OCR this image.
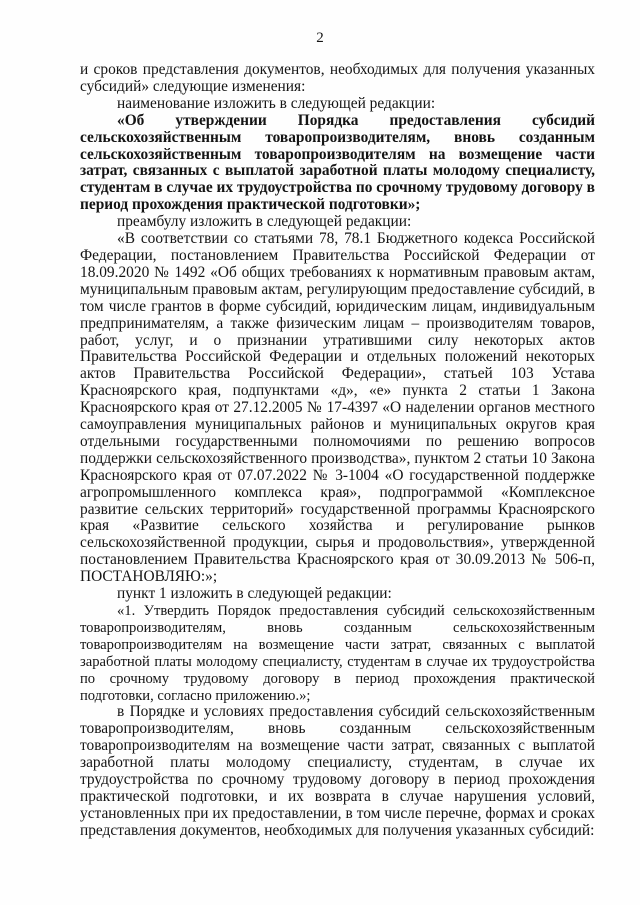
2

и сроков представления документов, необходимых для получения указанных субсидий» следующие изменения:

наименование изложить в следующей редакции:

«Об утверждении Порядка предоставления субсидий сельскохозяйственным товаропроизводителям, вновь созданным сельскохозяйственным товаропроизводителям на возмещение части затрат, связанных с выплатой заработной платы молодому специалисту, студентам в случае их трудоустройства по срочному трудовому договору в период прохождения практической подготовки»;

преамбулу изложить в следующей редакции:

«В соответствии со статьями 78, 78.1 Бюджетного кодекса Российской Федерации, постановлением Правительства Российской Федерации от 18.09.2020 № 1492 «Об общих требованиях к нормативным правовым актам, муниципальным правовым актам, регулирующим предоставление субсидий, в том числе грантов в форме субсидий, юридическим лицам, индивидуальным предпринимателям, а также физическим лицам – производителям товаров, работ, услуг, и о признании утратившими силу некоторых актов Правительства Российской Федерации и отдельных положений некоторых актов Правительства Российской Федерации», статьей 103 Устава Красноярского края, подпунктами «д», «е» пункта 2 статьи 1 Закона Красноярского края от 27.12.2005 № 17-4397 «О наделении органов местного самоуправления муниципальных районов и муниципальных округов края отдельными государственными полномочиями по решению вопросов поддержки сельскохозяйственного производства», пунктом 2 статьи 10 Закона Красноярского края от 07.07.2022 № 3-1004 «О государственной поддержке агропромышленного комплекса края», подпрограммой «Комплексное развитие сельских территорий» государственной программы Красноярского края «Развитие сельского хозяйства и регулирование рынков сельскохозяйственной продукции, сырья и продовольствия», утвержденной постановлением Правительства Красноярского края от 30.09.2013 № 506-п, ПОСТАНОВЛЯЮ:»;

пункт 1 изложить в следующей редакции:

«1. Утвердить Порядок предоставления субсидий сельскохозяйственным товаропроизводителям, вновь созданным сельскохозяйственным товаропроизводителям на возмещение части затрат, связанных с выплатой заработной платы молодому специалисту, студентам в случае их трудоустройства по срочному трудовому договору в период прохождения практической подготовки, согласно приложению.»;

в Порядке и условиях предоставления субсидий сельскохозяйственным товаропроизводителям, вновь созданным сельскохозяйственным товаропроизводителям на возмещение части затрат, связанных с выплатой заработной платы молодому специалисту, студентам, в случае их трудоустройства по срочному трудовому договору в период прохождения практической подготовки, и их возврата в случае нарушения условий, установленных при их предоставлении, в том числе перечне, формах и сроках представления документов, необходимых для получения указанных субсидий:
